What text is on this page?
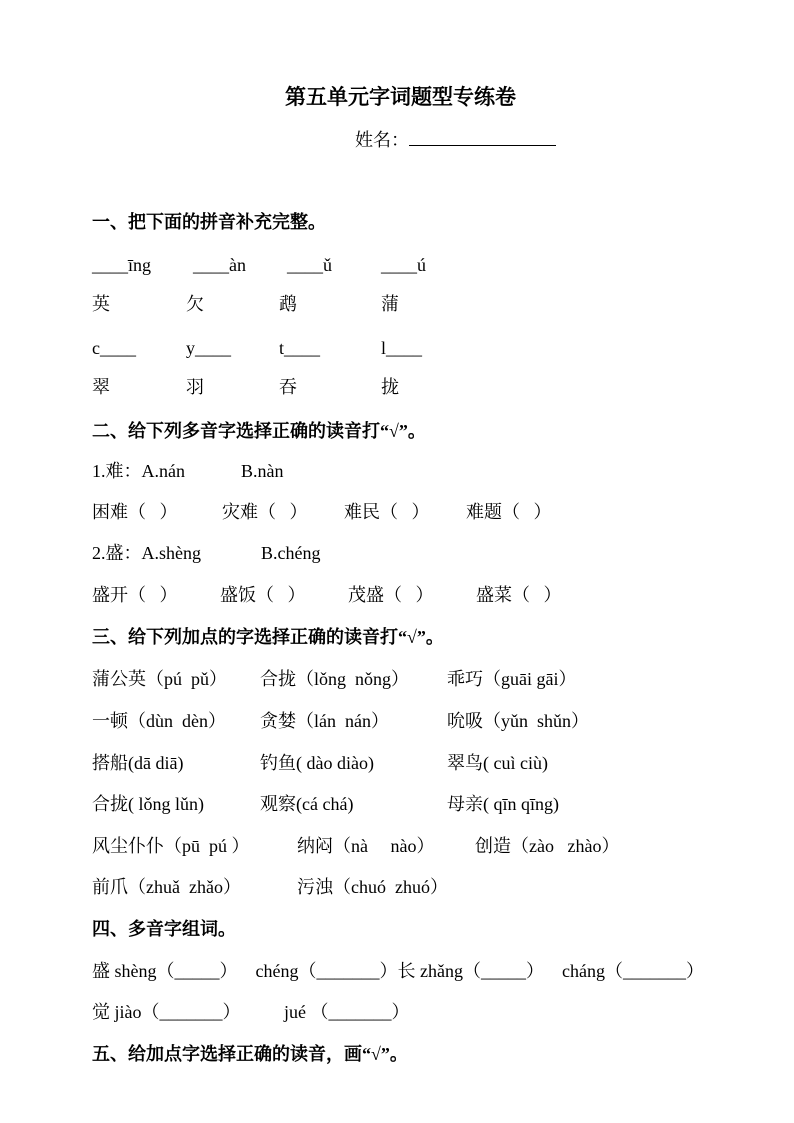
第五单元字词题型专练卷
姓名：
一、把下面的拼音补充完整。
____īng ____àn ____ǔ	____ú
英	欠	鹉	蒲
c____	y____	t____	l____
翠	羽	吞	拢
二、给下列多音字选择正确的读音打“√”。
1.难：A.nán	B.nàn
困难（   ） 灾难（   ） 难民（   ） 难题（   ）
2.盛：A.shèng	B.chéng
盛开（   ） 盛饭（   ） 茂盛（   ） 盛菜（   ）
三、给下列加点的字选择正确的读音打“√”。
蒲公英（pú  pǔ） 合拢（lǒng  nǒng） 乖巧（guāi gāi）
一顿（dùn  dèn） 贪婪（lán  nán）	吮吸（yǔn  shǔn）
搭船(dā diā)	钓鱼( dào diào)	翠鸟( cuì ciù)
合拢( lǒng lǔn)	观察(cá chá)	母亲( qīn qīng)
风尘仆仆（pū  pú ）	纳闷（nà     nào） 创造（zào   zhào）
前爪（zhuǎ  zhǎo）	污浊（chuó  zhuó）
四、多音字组词。
盛 shèng（_____） chéng（_______）长 zhǎng（_____） cháng（_______）
觉 jiào（_______） jué （_______）
五、给加点字选择正确的读音，画“√”。
